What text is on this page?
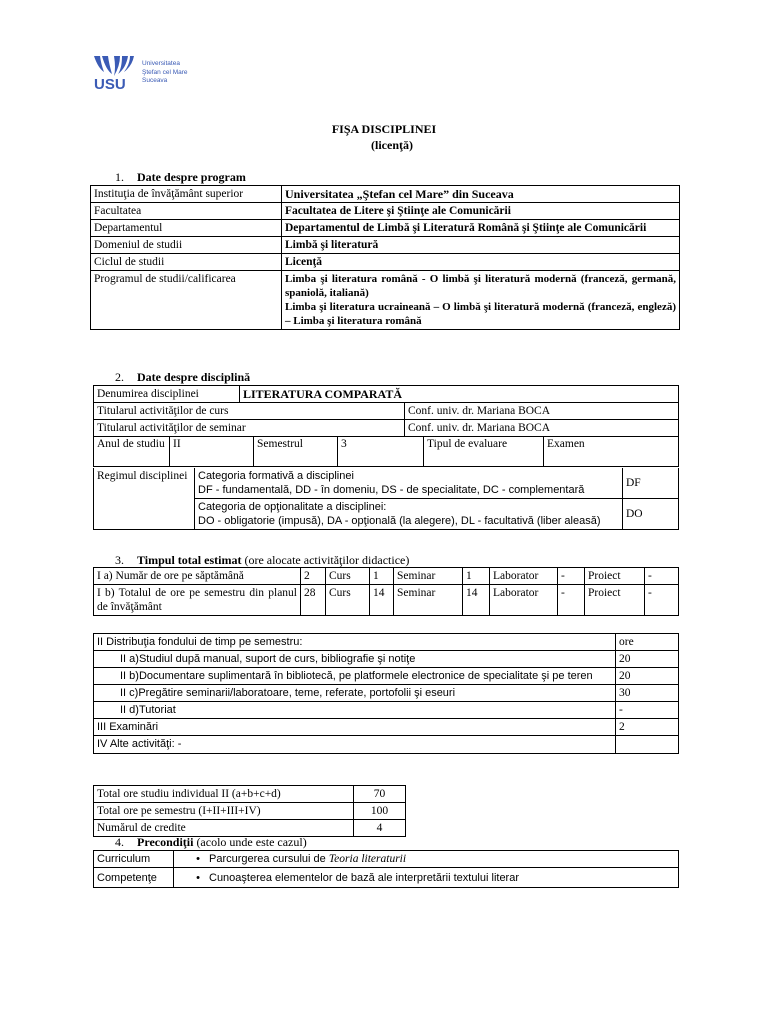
USU
Universitatea
Ştefan cel Mare
Suceava
FIŞA DISCIPLINEI
(licenţă)
1. Date despre program
Instituţia de învăţământ superior	Universitatea „Ştefan cel Mare” din Suceava
Facultatea	Facultatea de Litere şi Ştiinţe ale Comunicării
Departamentul	Departamentul de Limbă şi Literatură Română şi Ştiinţe ale Comunicării
Domeniul de studii	Limbă şi literatură
Ciclul de studii	Licenţă
Programul de studii/calificarea	Limba şi literatura română - O limbă şi literatură modernă (franceză, germană, spaniolă, italiană)
Limba şi literatura ucraineană – O limbă şi literatură modernă (franceză, engleză) – Limba şi literatura română
2. Date despre disciplină
Denumirea disciplinei	LITERATURA COMPARATĂ	
Titularul activităţilor de curs		Conf. univ. dr. Mariana BOCA
Titularul activităţilor de seminar		Conf. univ. dr. Mariana BOCA
Anul de studiu	II	Semestrul	3	Tipul de evaluare	Examen
Regimul disciplinei	Categoria formativă a disciplinei
DF - fundamentală, DD - în domeniu, DS - de specialitate, DC - complementară	DF

	Categoria de opţionalitate a disciplinei:
DO - obligatorie (impusă), DA - opţională (la alegere), DL - facultativă (liber aleasă)	DO
3. Timpul total estimat (ore alocate activităţilor didactice)
I a) Număr de ore pe săptămână	2	Curs	1	Seminar	1	Laborator	-	Proiect	-
I b) Totalul de ore pe semestru din planul de învăţământ	28	Curs	14	Seminar	14	Laborator	-	Proiect	-
II Distribuţia fondului de timp pe semestru:	ore
II a)Studiul după manual, suport de curs, bibliografie şi notiţe	20
II b)Documentare suplimentară în bibliotecă, pe platformele electronice de specialitate şi pe teren	20
II c)Pregătire seminarii/laboratoare, teme, referate, portofolii şi eseuri	30
II d)Tutoriat	-
III Examinări	2
IV Alte activităţi: -	
Total ore studiu individual II (a+b+c+d)	70
Total ore pe semestru (I+II+III+IV)	100
Numărul de credite	4
4. Precondiţii (acolo unde este cazul)
Curriculum	• Parcurgerea cursului de Teoria literaturii
Competenţe	• Cunoaşterea elementelor de bază ale interpretării textului literar
